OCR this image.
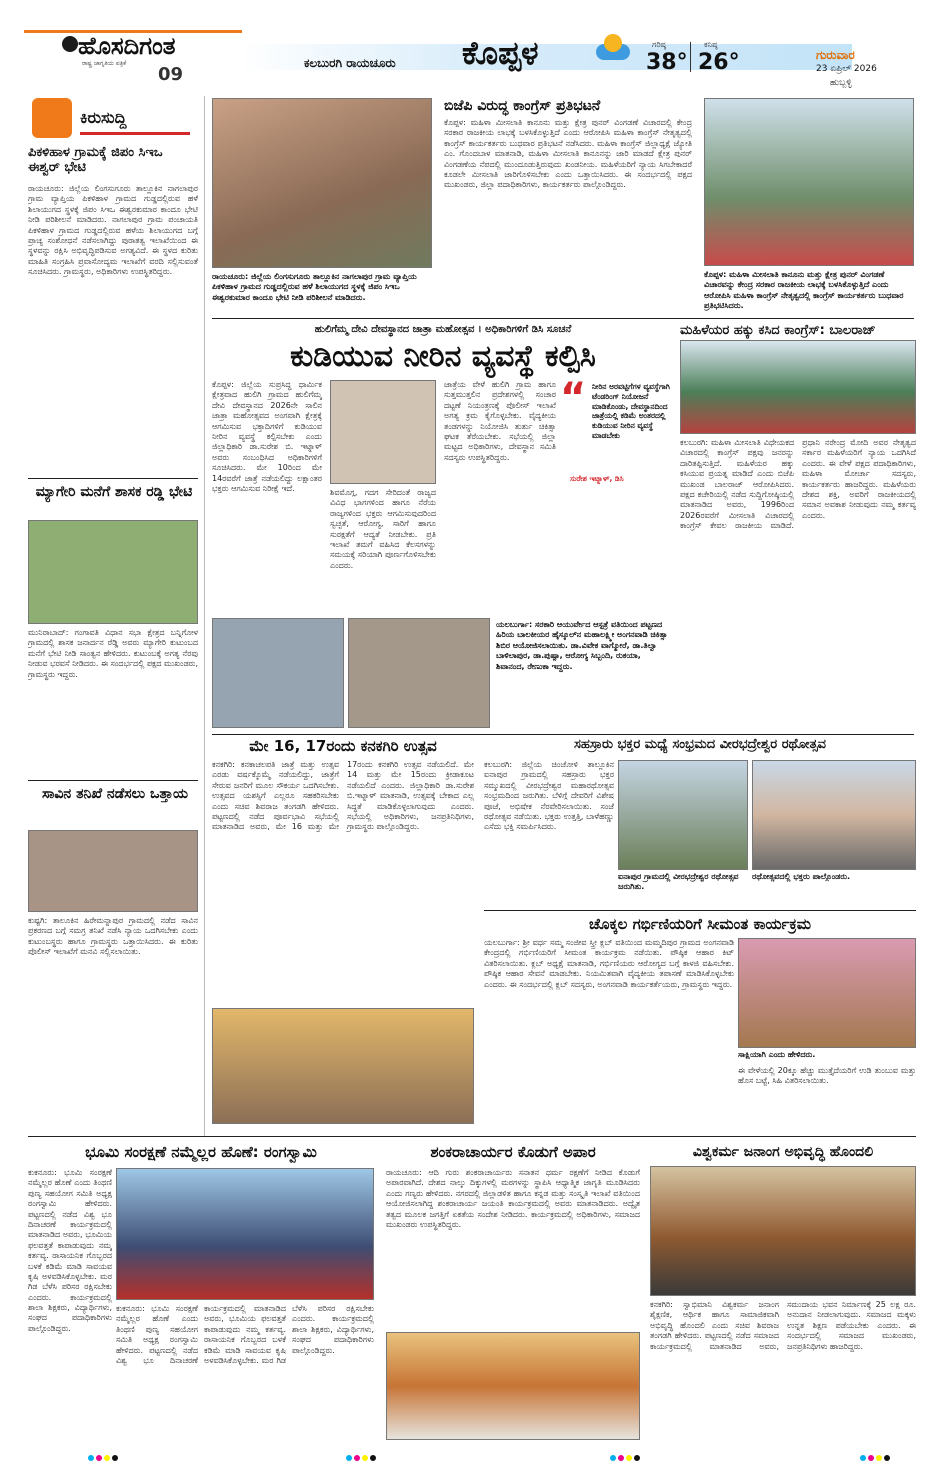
ಹೊಸದಿಗಂತ
ರಾಷ್ಟ್ರ ಜಾಗೃತಿಯ ಪತ್ರಿಕೆ
09
ಕಲಬುರಗಿ ರಾಯಚೂರು ಕೊಪ್ಪಳ	ಗರಿಷ್ಠ
38°
ಕನಿಷ್ಠ
26°	ಗುರುವಾರ
23 ಏಪ್ರಿಲ್ 2026
ಹುಬ್ಬಳ್ಳಿ
ಕಿರುಸುದ್ದಿ
ಪಿಕಳಿಹಾಳ ಗ್ರಾಮಕ್ಕೆ ಜಿಪಂ ಸಿಇಒ ಈಶ್ವರ್ ಭೇಟಿ
ರಾಯಚೂರು: ಜಿಲ್ಲೆಯ ಲಿಂಗಸುಗೂರು ತಾಲ್ಲೂಕಿನ ನಾಗಲಾಪುರ ಗ್ರಾಮ ವ್ಯಾಪ್ತಿಯ ಪಿಕಳಿಹಾಳ ಗ್ರಾಮದ ಗುಡ್ಡದಲ್ಲಿರುವ ಹಳೆ ಶಿಲಾಯುಗದ ಸ್ಥಳಕ್ಕೆ ಜಿಪಂ ಸಿಇಒ ಈಶ್ವರಕುಮಾರ ಕಾಂದೂ ಭೇಟಿ ನೀಡಿ ಪರಿಶೀಲನೆ ಮಾಡಿದರು. ನಾಗಲಾಪುರ ಗ್ರಾಮ ಪಂಚಾಯತಿ ಪಿಕಳಿಹಾಳ ಗ್ರಾಮದ ಗುಡ್ಡದಲ್ಲಿರುವ ಹಳೆಯ ಶಿಲಾಯುಗದ ಬಗ್ಗೆ ಪ್ರಾಚ್ಯ ಸಂಶೋಧನೆ ನಡೆಸಲಾಗಿದ್ದು ಪುರಾತತ್ವ ಇಲಾಖೆಯಿಂದ ಈ ಸ್ಥಳವನ್ನು ರಕ್ಷಿಸಿ ಅಭಿವೃದ್ಧಿಪಡಿಸುವ ಅಗತ್ಯವಿದೆ. ಈ ಸ್ಥಳದ ಕುರಿತು ಮಾಹಿತಿ ಸಂಗ್ರಹಿಸಿ ಪ್ರವಾಸೋದ್ಯಮ ಇಲಾಖೆಗೆ ವರದಿ ಸಲ್ಲಿಸುವಂತೆ ಸೂಚಿಸಿದರು. ಗ್ರಾಮಸ್ಥರು, ಅಧಿಕಾರಿಗಳು ಉಪಸ್ಥಿತರಿದ್ದರು.
ಮ್ಯಾಗೇರಿ ಮನೆಗೆ ಶಾಸಕ ರಡ್ಡಿ ಭೇಟಿ
ಮುನಿರಾಬಾದ್: ಗಂಗಾವತಿ ವಿಧಾನ ಸಭಾ ಕ್ಷೇತ್ರದ ಬನ್ನಿಗೋಳ ಗ್ರಾಮದಲ್ಲಿ ಶಾಸಕ ಜನಾರ್ದನ ರೆಡ್ಡಿ ಅವರು ಮ್ಯಾಗೇರಿ ಕುಟುಂಬದ ಮನೆಗೆ ಭೇಟಿ ನೀಡಿ ಸಾಂತ್ವನ ಹೇಳಿದರು. ಕುಟುಂಬಕ್ಕೆ ಅಗತ್ಯ ನೆರವು ನೀಡುವ ಭರವಸೆ ನೀಡಿದರು. ಈ ಸಂದರ್ಭದಲ್ಲಿ ಪಕ್ಷದ ಮುಖಂಡರು, ಗ್ರಾಮಸ್ಥರು ಇದ್ದರು.
ಸಾವಿನ ತನಿಖೆ ನಡೆಸಲು ಒತ್ತಾಯ
ಕುಷ್ಟಗಿ: ತಾಲೂಕಿನ ಹಿರೇಮನ್ನಾಪುರ ಗ್ರಾಮದಲ್ಲಿ ನಡೆದ ಸಾವಿನ ಪ್ರಕರಣದ ಬಗ್ಗೆ ಸಮಗ್ರ ತನಿಖೆ ನಡೆಸಿ ನ್ಯಾಯ ಒದಗಿಸಬೇಕು ಎಂದು ಕುಟುಂಬಸ್ಥರು ಹಾಗೂ ಗ್ರಾಮಸ್ಥರು ಒತ್ತಾಯಿಸಿದರು. ಈ ಕುರಿತು ಪೊಲೀಸ್ ಇಲಾಖೆಗೆ ಮನವಿ ಸಲ್ಲಿಸಲಾಯಿತು.
ರಾಯಚೂರು: ಜಿಲ್ಲೆಯ ಲಿಂಗಸುಗೂರು ತಾಲ್ಲೂಕಿನ ನಾಗಲಾಪುರ ಗ್ರಾಮ ವ್ಯಾಪ್ತಿಯ ಪಿಕಳಿಹಾಳ ಗ್ರಾಮದ ಗುಡ್ಡದಲ್ಲಿರುವ ಹಳೆ ಶಿಲಾಯುಗದ ಸ್ಥಳಕ್ಕೆ ಜಿಪಂ ಸಿಇಒ ಈಶ್ವರಕುಮಾರ ಕಾಂದೂ ಭೇಟಿ ನೀಡಿ ಪರಿಶೀಲನೆ ಮಾಡಿದರು.
ಬಿಜೆಪಿ ವಿರುದ್ಧ ಕಾಂಗ್ರೆಸ್ ಪ್ರತಿಭಟನೆ
ಕೊಪ್ಪಳ: ಮಹಿಳಾ ಮೀಸಲಾತಿ ಕಾನೂನು ಮತ್ತು ಕ್ಷೇತ್ರ ಪುನರ್ ವಿಂಗಡಣೆ ವಿಚಾರದಲ್ಲಿ ಕೇಂದ್ರ ಸರಕಾರ ರಾಜಕೀಯ ಲಾಭಕ್ಕೆ ಬಳಸಿಕೊಳ್ಳುತ್ತಿದೆ ಎಂದು ಆರೋಪಿಸಿ ಮಹಿಳಾ ಕಾಂಗ್ರೆಸ್ ನೇತೃತ್ವದಲ್ಲಿ ಕಾಂಗ್ರೆಸ್ ಕಾರ್ಯಕರ್ತರು ಬುಧವಾರ ಪ್ರತಿಭಟನೆ ನಡೆಸಿದರು. ಮಹಿಳಾ ಕಾಂಗ್ರೆಸ್ ಜಿಲ್ಲಾಧ್ಯಕ್ಷೆ ಜ್ಯೋತಿ ಎಂ. ಗೊಂದಬಾಳ ಮಾತನಾಡಿ, ಮಹಿಳಾ ಮೀಸಲಾತಿ ಕಾನೂನನ್ನು ಜಾರಿ ಮಾಡದೆ ಕ್ಷೇತ್ರ ಪುನರ್ ವಿಂಗಡಣೆಯ ನೆಪದಲ್ಲಿ ಮುಂದೂಡುತ್ತಿರುವುದು ಖಂಡನೀಯ. ಮಹಿಳೆಯರಿಗೆ ನ್ಯಾಯ ಸಿಗಬೇಕಾದರೆ ಕೂಡಲೇ ಮೀಸಲಾತಿ ಜಾರಿಗೊಳಿಸಬೇಕು ಎಂದು ಒತ್ತಾಯಿಸಿದರು. ಈ ಸಂದರ್ಭದಲ್ಲಿ ಪಕ್ಷದ ಮುಖಂಡರು, ಜಿಲ್ಲಾ ಪದಾಧಿಕಾರಿಗಳು, ಕಾರ್ಯಕರ್ತರು ಪಾಲ್ಗೊಂಡಿದ್ದರು.
ಕೊಪ್ಪಳ: ಮಹಿಳಾ ಮೀಸಲಾತಿ ಕಾನೂನು ಮತ್ತು ಕ್ಷೇತ್ರ ಪುನರ್ ವಿಂಗಡಣೆ ವಿಚಾರವನ್ನು ಕೇಂದ್ರ ಸರಕಾರ ರಾಜಕೀಯ ಲಾಭಕ್ಕೆ ಬಳಸಿಕೊಳ್ಳುತ್ತಿದೆ ಎಂದು ಆರೋಪಿಸಿ ಮಹಿಳಾ ಕಾಂಗ್ರೆಸ್ ನೇತೃತ್ವದಲ್ಲಿ ಕಾಂಗ್ರೆಸ್ ಕಾರ್ಯಕರ್ತರು ಬುಧವಾರ ಪ್ರತಿಭಟಿಸಿದರು.
ಹುಲಿಗೆಮ್ಮ ದೇವಿ ದೇವಸ್ಥಾನದ ಜಾತ್ರಾ ಮಹೋತ್ಸವ । ಅಧಿಕಾರಿಗಳಿಗೆ ಡಿಸಿ ಸೂಚನೆ
ಕುಡಿಯುವ ನೀರಿನ ವ್ಯವಸ್ಥೆ ಕಲ್ಪಿಸಿ
ಕೊಪ್ಪಳ: ಜಿಲ್ಲೆಯ ಸುಪ್ರಸಿದ್ಧ ಧಾರ್ಮಿಕ ಕ್ಷೇತ್ರವಾದ ಹುಲಿಗಿ ಗ್ರಾಮದ ಹುಲಿಗೆಮ್ಮ ದೇವಿ ದೇವಸ್ಥಾನದ 2026ನೇ ಸಾಲಿನ ಜಾತ್ರಾ ಮಹೋತ್ಸವದ ಅಂಗವಾಗಿ ಕ್ಷೇತ್ರಕ್ಕೆ ಆಗಮಿಸುವ ಭಕ್ತಾದಿಗಳಿಗೆ ಕುಡಿಯುವ ನೀರಿನ ವ್ಯವಸ್ಥೆ ಕಲ್ಪಿಸಬೇಕು ಎಂದು ಜಿಲ್ಲಾಧಿಕಾರಿ ಡಾ.ಸುರೇಶ ಬಿ. ಇಟ್ನಾಳ್ ಅವರು ಸಂಬಂಧಿಸಿದ ಅಧಿಕಾರಿಗಳಿಗೆ ಸೂಚಿಸಿದರು. ಮೇ 10ರಿಂದ ಮೇ 14ರವರೆಗೆ ಜಾತ್ರೆ ನಡೆಯಲಿದ್ದು ಲಕ್ಷಾಂತರ ಭಕ್ತರು ಆಗಮಿಸುವ ನಿರೀಕ್ಷೆ ಇದೆ.	ಶಿವಮೊಗ್ಗ, ಗದಗ ಸೇರಿದಂತೆ ರಾಜ್ಯದ ವಿವಿಧ ಭಾಗಗಳಿಂದ ಹಾಗೂ ನೆರೆಯ ರಾಜ್ಯಗಳಿಂದ ಭಕ್ತರು ಆಗಮಿಸುವುದರಿಂದ ಸ್ವಚ್ಛತೆ, ಆರೋಗ್ಯ, ಸಾರಿಗೆ ಹಾಗೂ ಸುರಕ್ಷತೆಗೆ ಆದ್ಯತೆ ನೀಡಬೇಕು. ಪ್ರತಿ ಇಲಾಖೆ ತಮಗೆ ವಹಿಸಿದ ಕೆಲಸಗಳನ್ನು ಸಮಯಕ್ಕೆ ಸರಿಯಾಗಿ ಪೂರ್ಣಗೊಳಿಸಬೇಕು ಎಂದರು.
ಜಾತ್ರೆಯ ವೇಳೆ ಹುಲಿಗಿ ಗ್ರಾಮ ಹಾಗೂ ಸುತ್ತಮುತ್ತಲಿನ ಪ್ರದೇಶಗಳಲ್ಲಿ ಸಂಚಾರ ದಟ್ಟಣೆ ನಿಯಂತ್ರಣಕ್ಕೆ ಪೊಲೀಸ್ ಇಲಾಖೆ ಅಗತ್ಯ ಕ್ರಮ ಕೈಗೊಳ್ಳಬೇಕು. ವೈದ್ಯಕೀಯ ತಂಡಗಳನ್ನು ನಿಯೋಜಿಸಿ ತುರ್ತು ಚಿಕಿತ್ಸಾ ಘಟಕ ತೆರೆಯಬೇಕು. ಸಭೆಯಲ್ಲಿ ಜಿಲ್ಲಾ ಮಟ್ಟದ ಅಧಿಕಾರಿಗಳು, ದೇವಸ್ಥಾನ ಸಮಿತಿ ಸದಸ್ಯರು ಉಪಸ್ಥಿತರಿದ್ದರು.
“ ನೀರಿನ ಅರವಟ್ಟಿಗೆಗಳ ವ್ಯವಸ್ಥೆಗಾಗಿ ಟೆಂಡರಿಂಗ್ ನಿಯೋಜನೆ ಮಾಡಿಕೊಂಡು, ದೇವಸ್ಥಾನದಿಂದ ಜಾತ್ರೆಯಲ್ಲಿ ಕಡಿಮೆ ಅಂತರದಲ್ಲಿ ಕುಡಿಯುವ ನೀರಿನ ವ್ಯವಸ್ಥೆ ಮಾಡಬೇಕು
ಸುರೇಶ ಇಟ್ನಾಳ್, ಡಿಸಿ
ಮಹಿಳೆಯರ ಹಕ್ಕು ಕಸಿದ ಕಾಂಗ್ರೆಸ್: ಬಾಲರಾಜ್
ಕಲಬುರಗಿ: ಮಹಿಳಾ ಮೀಸಲಾತಿ ವಿಧೇಯಕದ ವಿಚಾರದಲ್ಲಿ ಕಾಂಗ್ರೆಸ್ ಪಕ್ಷವು ಜನರನ್ನು ದಾರಿತಪ್ಪಿಸುತ್ತಿದೆ. ಮಹಿಳೆಯರ ಹಕ್ಕು ಕಸಿಯುವ ಪ್ರಯತ್ನ ಮಾಡಿದೆ ಎಂದು ಬಿಜೆಪಿ ಮುಖಂಡ ಬಾಲರಾಜ್ ಆರೋಪಿಸಿದರು. ಪಕ್ಷದ ಕಚೇರಿಯಲ್ಲಿ ನಡೆದ ಸುದ್ದಿಗೋಷ್ಠಿಯಲ್ಲಿ ಮಾತನಾಡಿದ ಅವರು, 1996ರಿಂದ 2026ರವರೆಗೆ ಮೀಸಲಾತಿ ವಿಚಾರದಲ್ಲಿ ಕಾಂಗ್ರೆಸ್ ಕೇವಲ ರಾಜಕೀಯ ಮಾಡಿದೆ. ಪ್ರಧಾನಿ ನರೇಂದ್ರ ಮೋದಿ ಅವರ ನೇತೃತ್ವದ ಸರ್ಕಾರ ಮಹಿಳೆಯರಿಗೆ ನ್ಯಾಯ ಒದಗಿಸಿದೆ ಎಂದರು. ಈ ವೇಳೆ ಪಕ್ಷದ ಪದಾಧಿಕಾರಿಗಳು, ಮಹಿಳಾ ಮೋರ್ಚಾ ಸದಸ್ಯರು, ಕಾರ್ಯಕರ್ತರು ಹಾಜರಿದ್ದರು. ಮಹಿಳೆಯರು ದೇಶದ ಶಕ್ತಿ, ಅವರಿಗೆ ರಾಜಕೀಯದಲ್ಲಿ ಸಮಾನ ಅವಕಾಶ ನೀಡುವುದು ನಮ್ಮ ಕರ್ತವ್ಯ ಎಂದರು.
ಯಲಬುರ್ಗಾ: ಸರಕಾರಿ ಆಯುರ್ವೇದ ಆಸ್ಪತ್ರೆ ವತಿಯಿಂದ ಪಟ್ಟಣದ ಹಿರಿಯ ಬಾಲಕೀಯರ ಹೈಸ್ಕೂಲ್‌ನ ಮಹಾಲಕ್ಷ್ಮೀ ಅಂಗನವಾಡಿ ಚಿಕಿತ್ಸಾ ಶಿಬಿರ ಆಯೋಜಿಸಲಾಯಿತು. ಡಾ.ವಿವೇಕ ವಾಗ್ಮೋರೆ, ಡಾ.ತಿಲ್ವಾ ಬಾಳಿಲಾಪುರ, ಡಾ.ಪುಷ್ಪಾ, ಆರೋಗ್ಯ ಸಿಬ್ಬಂದಿ, ರುಕಯಾ, ಶಿವಾನಂದ, ರೇಣುಕಾ ಇದ್ದರು.
ಮೇ 16, 17ರಂದು ಕನಕಗಿರಿ ಉತ್ಸವ
ಕನಕಗಿರಿ: ಕನಕಾಚಲಪತಿ ಜಾತ್ರೆ ಮತ್ತು ಉತ್ಸವ ಎರಡು ವರ್ಷಕ್ಕೊಮ್ಮೆ ನಡೆಯಲಿದ್ದು, ಜಾತ್ರೆಗೆ ಸೇರುವ ಜನರಿಗೆ ಮೂಲ ಸೌಕರ್ಯ ಒದಗಿಸಬೇಕು. ಉತ್ಸವದ ಯಶಸ್ಸಿಗೆ ಎಲ್ಲರೂ ಸಹಕರಿಸಬೇಕು ಎಂದು ಸಚಿವ ಶಿವರಾಜ ತಂಗಡಗಿ ಹೇಳಿದರು. ಪಟ್ಟಣದಲ್ಲಿ ನಡೆದ ಪೂರ್ವಭಾವಿ ಸಭೆಯಲ್ಲಿ ಮಾತನಾಡಿದ ಅವರು, ಮೇ 16 ಮತ್ತು ಮೇ 17ರಂದು ಕನಕಗಿರಿ ಉತ್ಸವ ನಡೆಯಲಿದೆ. ಮೇ 14 ಮತ್ತು ಮೇ 15ರಂದು ಕ್ರೀಡಾಕೂಟ ನಡೆಯಲಿದೆ ಎಂದರು. ಜಿಲ್ಲಾಧಿಕಾರಿ ಡಾ.ಸುರೇಶ ಬಿ.ಇಟ್ನಾಳ್ ಮಾತನಾಡಿ, ಉತ್ಸವಕ್ಕೆ ಬೇಕಾದ ಎಲ್ಲ ಸಿದ್ಧತೆ ಮಾಡಿಕೊಳ್ಳಲಾಗುವುದು ಎಂದರು. ಸಭೆಯಲ್ಲಿ ಅಧಿಕಾರಿಗಳು, ಜನಪ್ರತಿನಿಧಿಗಳು, ಗ್ರಾಮಸ್ಥರು ಪಾಲ್ಗೊಂಡಿದ್ದರು.
ಸಹಸ್ರಾರು ಭಕ್ತರ ಮಧ್ಯೆ ಸಂಭ್ರಮದ ವೀರಭದ್ರೇಶ್ವರ ರಥೋತ್ಸವ
ಕಲಬುರಗಿ: ಜಿಲ್ಲೆಯ ಚಿಂಚೋಳಿ ತಾಲ್ಲೂಕಿನ ಐನಾಪುರ ಗ್ರಾಮದಲ್ಲಿ ಸಹಸ್ರಾರು ಭಕ್ತರ ಸಮ್ಮುಖದಲ್ಲಿ ವೀರಭದ್ರೇಶ್ವರ ಮಹಾರಥೋತ್ಸವ ಸಂಭ್ರಮದಿಂದ ಜರುಗಿತು. ಬೆಳಿಗ್ಗೆ ದೇವರಿಗೆ ವಿಶೇಷ ಪೂಜೆ, ಅಭಿಷೇಕ ನೆರವೇರಿಸಲಾಯಿತು. ಸಂಜೆ ರಥೋತ್ಸವ ನಡೆಯಿತು. ಭಕ್ತರು ಉತ್ತತ್ತಿ, ಬಾಳೆಹಣ್ಣು ಎಸೆದು ಭಕ್ತಿ ಸಮರ್ಪಿಸಿದರು.
ಐನಾಪುರ ಗ್ರಾಮದಲ್ಲಿ ವೀರಭದ್ರೇಶ್ವರ ರಥೋತ್ಸವ ಜರುಗಿತು.
ರಥೋತ್ಸವದಲ್ಲಿ ಭಕ್ತರು ಪಾಲ್ಗೊಂಡರು.
ಚೊಕ್ಕಲ ಗರ್ಭಿಣಿಯರಿಗೆ ಸೀಮಂತ ಕಾರ್ಯಕ್ರಮ
ಯಲಬುರ್ಗಾ: ಶ್ರೀ ವರ್ಧ ಸಮ್ಮ ಸಂಜೀವ ಸ್ತ್ರೀ ಕ್ಲಬ್ ವತಿಯಿಂದ ಮಮ್ಮದಿಪುರ ಗ್ರಾಮದ ಅಂಗನವಾಡಿ ಕೇಂದ್ರದಲ್ಲಿ ಗರ್ಭಿಣಿಯರಿಗೆ ಸೀಮಂತ ಕಾರ್ಯಕ್ರಮ ನಡೆಯಿತು. ಪೌಷ್ಠಿಕ ಆಹಾರ ಕಿಟ್ ವಿತರಿಸಲಾಯಿತು. ಕ್ಲಬ್ ಅಧ್ಯಕ್ಷೆ ಮಾತನಾಡಿ, ಗರ್ಭಿಣಿಯರು ಆರೋಗ್ಯದ ಬಗ್ಗೆ ಕಾಳಜಿ ವಹಿಸಬೇಕು. ಪೌಷ್ಠಿಕ ಆಹಾರ ಸೇವನೆ ಮಾಡಬೇಕು. ನಿಯಮಿತವಾಗಿ ವೈದ್ಯಕೀಯ ತಪಾಸಣೆ ಮಾಡಿಸಿಕೊಳ್ಳಬೇಕು ಎಂದರು. ಈ ಸಂದರ್ಭದಲ್ಲಿ ಕ್ಲಬ್ ಸದಸ್ಯರು, ಅಂಗನವಾಡಿ ಕಾರ್ಯಕರ್ತೆಯರು, ಗ್ರಾಮಸ್ಥರು ಇದ್ದರು.
ಸಾಕ್ಷಿಯಾಗಿ ಎಂದು ಹೇಳಿದರು.
ಈ ವೇಳೆಯಲ್ಲಿ 20ಕ್ಕೂ ಹೆಚ್ಚು ಮುತ್ತೈದೆಯರಿಗೆ ಉಡಿ ತುಂಬುವ ಮತ್ತು ಹೊಸ ಬಟ್ಟೆ, ಸಿಹಿ ವಿತರಿಸಲಾಯಿತು.
ಭೂಮಿ ಸಂರಕ್ಷಣೆ ನಮ್ಮೆಲ್ಲರ ಹೊಣೆ: ರಂಗಸ್ವಾಮಿ
ಕುಕನೂರು: ಭೂಮಿ ಸಂರಕ್ಷಣೆ ನಮ್ಮೆಲ್ಲರ ಹೊಣೆ ಎಂದು ತಿಂಥಣಿ ಪುಣ್ಯ ಸಹಯೋಗ ಸಮಿತಿ ಅಧ್ಯಕ್ಷ ರಂಗಸ್ವಾಮಿ ಹೇಳಿದರು. ಪಟ್ಟಣದಲ್ಲಿ ನಡೆದ ವಿಶ್ವ ಭೂ ದಿನಾಚರಣೆ ಕಾರ್ಯಕ್ರಮದಲ್ಲಿ ಮಾತನಾಡಿದ ಅವರು, ಭೂಮಿಯ ಫಲವತ್ತತೆ ಕಾಪಾಡುವುದು ನಮ್ಮ ಕರ್ತವ್ಯ. ರಾಸಾಯನಿಕ ಗೊಬ್ಬರದ ಬಳಕೆ ಕಡಿಮೆ ಮಾಡಿ ಸಾವಯವ ಕೃಷಿ ಅಳವಡಿಸಿಕೊಳ್ಳಬೇಕು. ಮರ ಗಿಡ ಬೆಳೆಸಿ ಪರಿಸರ ರಕ್ಷಿಸಬೇಕು ಎಂದರು. ಕಾರ್ಯಕ್ರಮದಲ್ಲಿ ಶಾಲಾ ಶಿಕ್ಷಕರು, ವಿದ್ಯಾರ್ಥಿಗಳು, ಸಂಘದ ಪದಾಧಿಕಾರಿಗಳು ಪಾಲ್ಗೊಂಡಿದ್ದರು.
ಕುಕನೂರು: ಭೂಮಿ ಸಂರಕ್ಷಣೆ ನಮ್ಮೆಲ್ಲರ ಹೊಣೆ ಎಂದು ತಿಂಥಣಿ ಪುಣ್ಯ ಸಹಯೋಗ ಸಮಿತಿ ಅಧ್ಯಕ್ಷ ರಂಗಸ್ವಾಮಿ ಹೇಳಿದರು. ಪಟ್ಟಣದಲ್ಲಿ ನಡೆದ ವಿಶ್ವ ಭೂ ದಿನಾಚರಣೆ ಕಾರ್ಯಕ್ರಮದಲ್ಲಿ ಮಾತನಾಡಿದ ಅವರು, ಭೂಮಿಯ ಫಲವತ್ತತೆ ಕಾಪಾಡುವುದು ನಮ್ಮ ಕರ್ತವ್ಯ. ರಾಸಾಯನಿಕ ಗೊಬ್ಬರದ ಬಳಕೆ ಕಡಿಮೆ ಮಾಡಿ ಸಾವಯವ ಕೃಷಿ ಅಳವಡಿಸಿಕೊಳ್ಳಬೇಕು. ಮರ ಗಿಡ ಬೆಳೆಸಿ ಪರಿಸರ ರಕ್ಷಿಸಬೇಕು ಎಂದರು. ಕಾರ್ಯಕ್ರಮದಲ್ಲಿ ಶಾಲಾ ಶಿಕ್ಷಕರು, ವಿದ್ಯಾರ್ಥಿಗಳು, ಸಂಘದ ಪದಾಧಿಕಾರಿಗಳು ಪಾಲ್ಗೊಂಡಿದ್ದರು.
ಶಂಕರಾಚಾರ್ಯರ ಕೊಡುಗೆ ಅಪಾರ
ರಾಯಚೂರು: ಆದಿ ಗುರು ಶಂಕರಾಚಾರ್ಯರು ಸನಾತನ ಧರ್ಮ ರಕ್ಷಣೆಗೆ ನೀಡಿದ ಕೊಡುಗೆ ಅಪಾರವಾಗಿದೆ. ದೇಶದ ನಾಲ್ಕು ದಿಕ್ಕುಗಳಲ್ಲಿ ಮಠಗಳನ್ನು ಸ್ಥಾಪಿಸಿ ಆಧ್ಯಾತ್ಮಿಕ ಜಾಗೃತಿ ಮೂಡಿಸಿದರು ಎಂದು ಗಣ್ಯರು ಹೇಳಿದರು. ನಗರದಲ್ಲಿ ಜಿಲ್ಲಾಡಳಿತ ಹಾಗೂ ಕನ್ನಡ ಮತ್ತು ಸಂಸ್ಕೃತಿ ಇಲಾಖೆ ವತಿಯಿಂದ ಆಯೋಜಿಸಲಾಗಿದ್ದ ಶಂಕರಾಚಾರ್ಯ ಜಯಂತಿ ಕಾರ್ಯಕ್ರಮದಲ್ಲಿ ಅವರು ಮಾತನಾಡಿದರು. ಅದ್ವೈತ ತತ್ವದ ಮೂಲಕ ಜಗತ್ತಿಗೆ ಏಕತೆಯ ಸಂದೇಶ ನೀಡಿದರು. ಕಾರ್ಯಕ್ರಮದಲ್ಲಿ ಅಧಿಕಾರಿಗಳು, ಸಮಾಜದ ಮುಖಂಡರು ಉಪಸ್ಥಿತರಿದ್ದರು.
ವಿಶ್ವಕರ್ಮ ಜನಾಂಗ ಅಭಿವೃದ್ಧಿ ಹೊಂದಲಿ
ಕನಕಗಿರಿ: ಸ್ವಾಭಿಮಾನಿ ವಿಶ್ವಕರ್ಮ ಜನಾಂಗ ಶೈಕ್ಷಣಿಕ, ಆರ್ಥಿಕ ಹಾಗೂ ಸಾಮಾಜಿಕವಾಗಿ ಅಭಿವೃದ್ಧಿ ಹೊಂದಲಿ ಎಂದು ಸಚಿವ ಶಿವರಾಜ ತಂಗಡಗಿ ಹೇಳಿದರು. ಪಟ್ಟಣದಲ್ಲಿ ನಡೆದ ಸಮಾಜದ ಕಾರ್ಯಕ್ರಮದಲ್ಲಿ ಮಾತನಾಡಿದ ಅವರು, ಸಮುದಾಯ ಭವನ ನಿರ್ಮಾಣಕ್ಕೆ 25 ಲಕ್ಷ ರೂ. ಅನುದಾನ ನೀಡಲಾಗುವುದು. ಸಮಾಜದ ಮಕ್ಕಳು ಉನ್ನತ ಶಿಕ್ಷಣ ಪಡೆಯಬೇಕು ಎಂದರು. ಈ ಸಂದರ್ಭದಲ್ಲಿ ಸಮಾಜದ ಮುಖಂಡರು, ಜನಪ್ರತಿನಿಧಿಗಳು ಹಾಜರಿದ್ದರು.
